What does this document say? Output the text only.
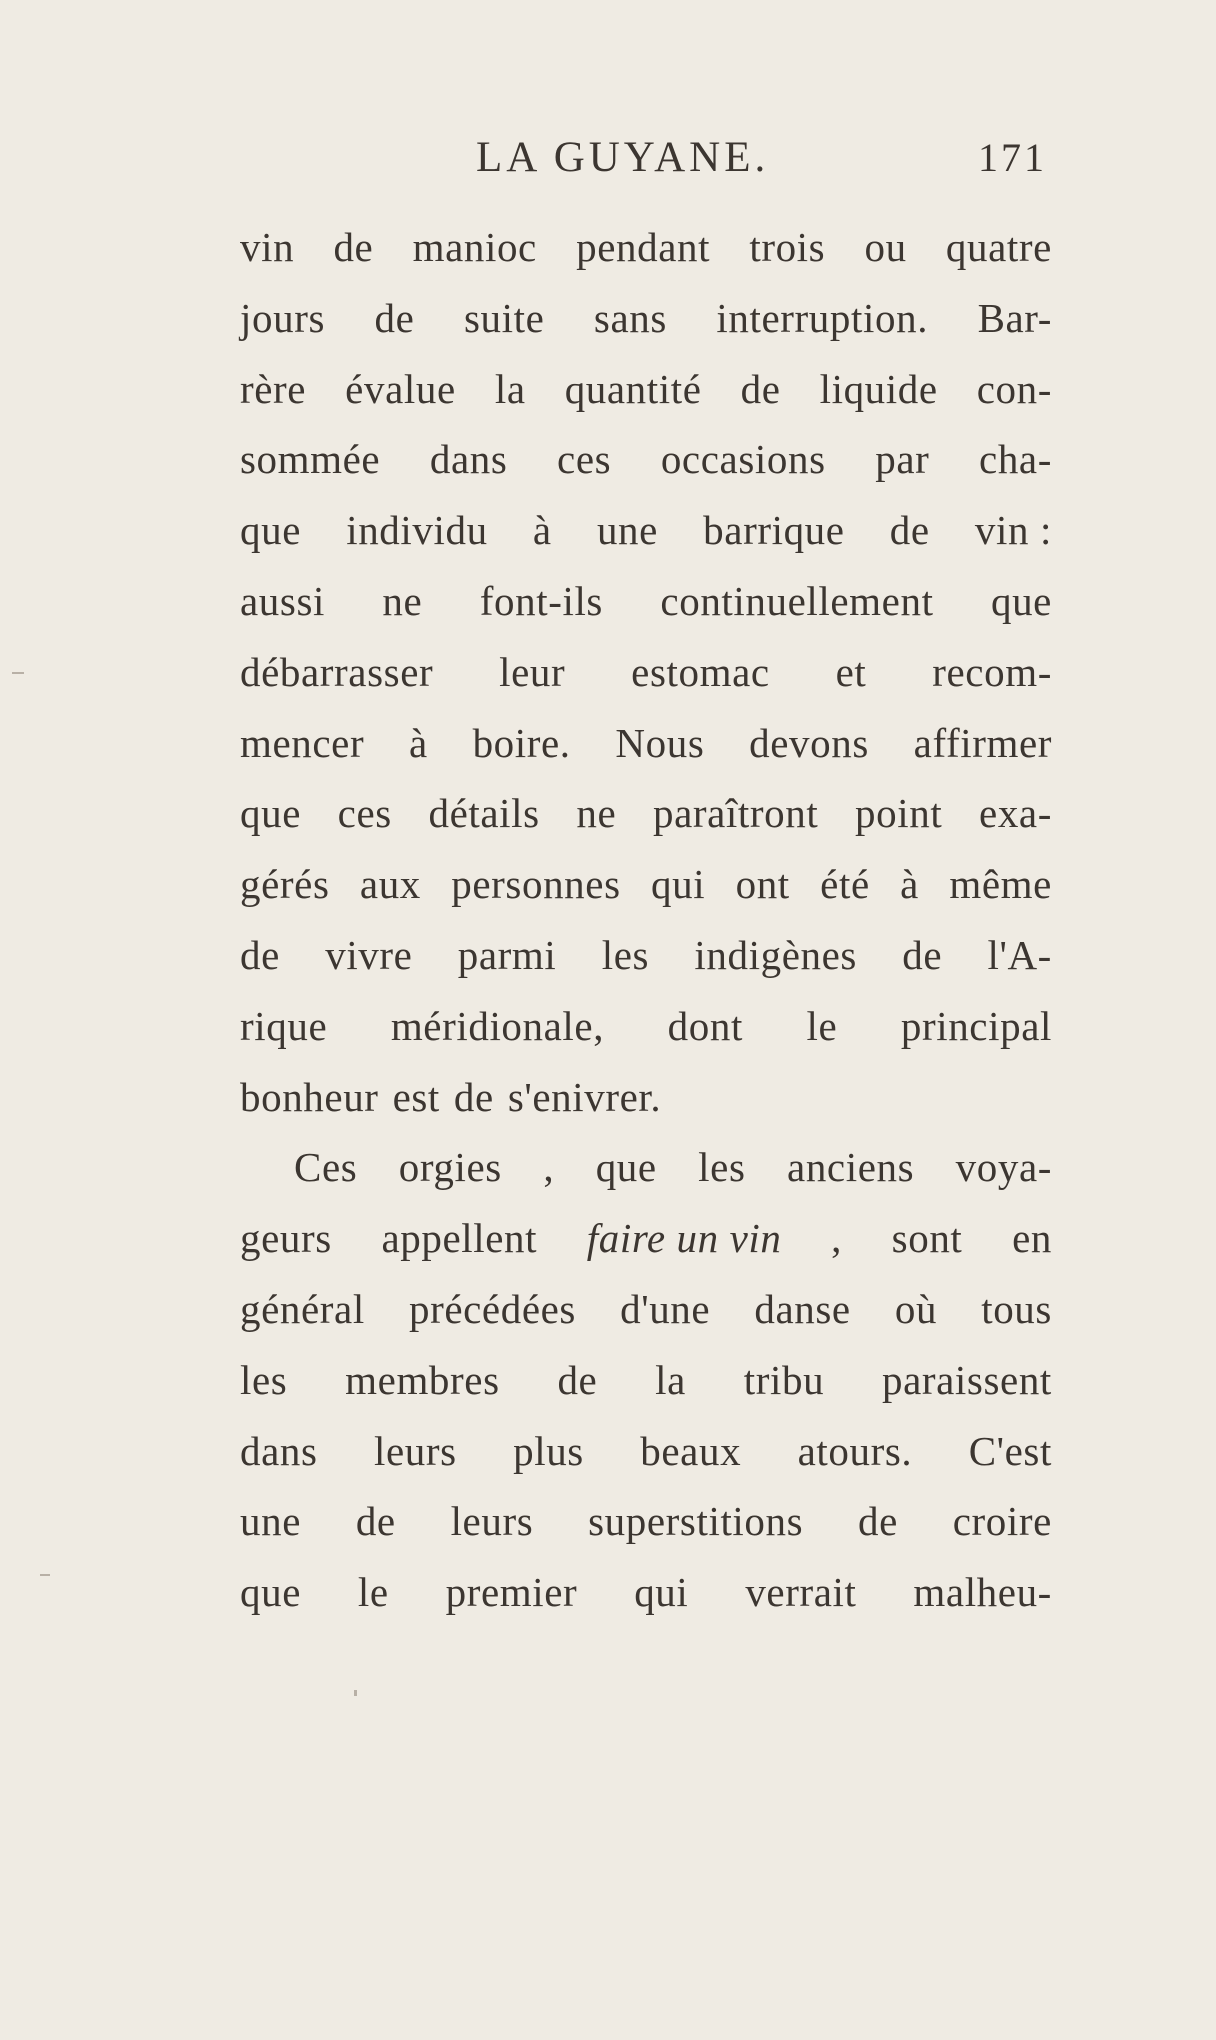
LA GUYANE.	171
vin de manioc pendant trois ou quatre
jours de suite sans interruption. Bar-
rère évalue la quantité de liquide con-
sommée dans ces occasions par cha-
que individu à une barrique de vin :
aussi ne font-ils continuellement que
débarrasser leur estomac et recom-
mencer à boire. Nous devons affirmer
que ces détails ne paraîtront point exa-
gérés aux personnes qui ont été à même
de vivre parmi les indigènes de l'A-
rique méridionale, dont le principal
bonheur est de s'enivrer.
Ces orgies , que les anciens voya-
geurs appellent faire un vin , sont en
général précédées d'une danse où tous
les membres de la tribu paraissent
dans leurs plus beaux atours. C'est
une de leurs superstitions de croire
que le premier qui verrait malheu-
